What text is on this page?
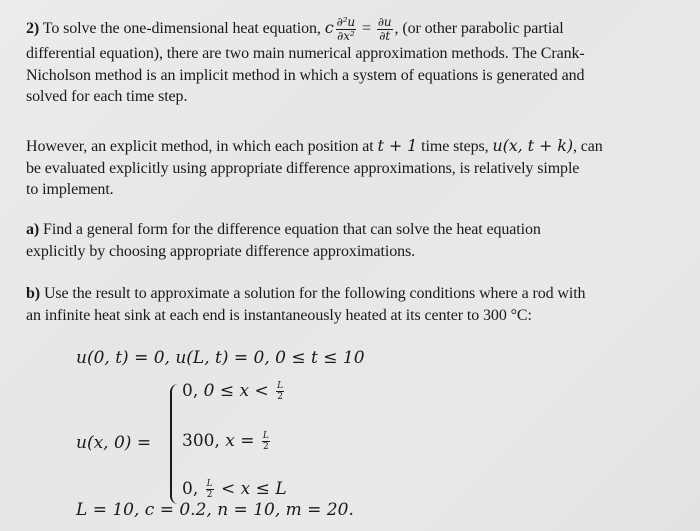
2) To solve the one-dimensional heat equation, c $\frac{\text{∂²u}}{\text{∂x²}} = \frac{\partial u}{\partial t}$ , (or other parabolic partial
differential equation), there are two main numerical approximation methods. The Crank-
Nicholson method is an implicit method in which a system of equations is generated and
solved for each time step.
However, an explicit method, in which each position at t + 1 time steps, u(x, t + k), can
be evaluated explicitly using appropriate difference approximations, is relatively simple
to implement.
a) Find a general form for the difference equation that can solve the heat equation
explicitly by choosing appropriate difference approximations.
b) Use the result to approximate a solution for the following conditions where a rod with
an infinite heat sink at each end is instantaneously heated at its center to 300 °C:
u(0, t) = 0, u(L, t) = 0, 0 ≤ t ≤ 10
u(x, 0) =
0, $0 \le x < \frac{L}{2}$
300, $x = \frac{L}{2}$
0, $\frac{L}{2} < x \le L$
L = 10, c = 0.2, n = 10, m = 20.
